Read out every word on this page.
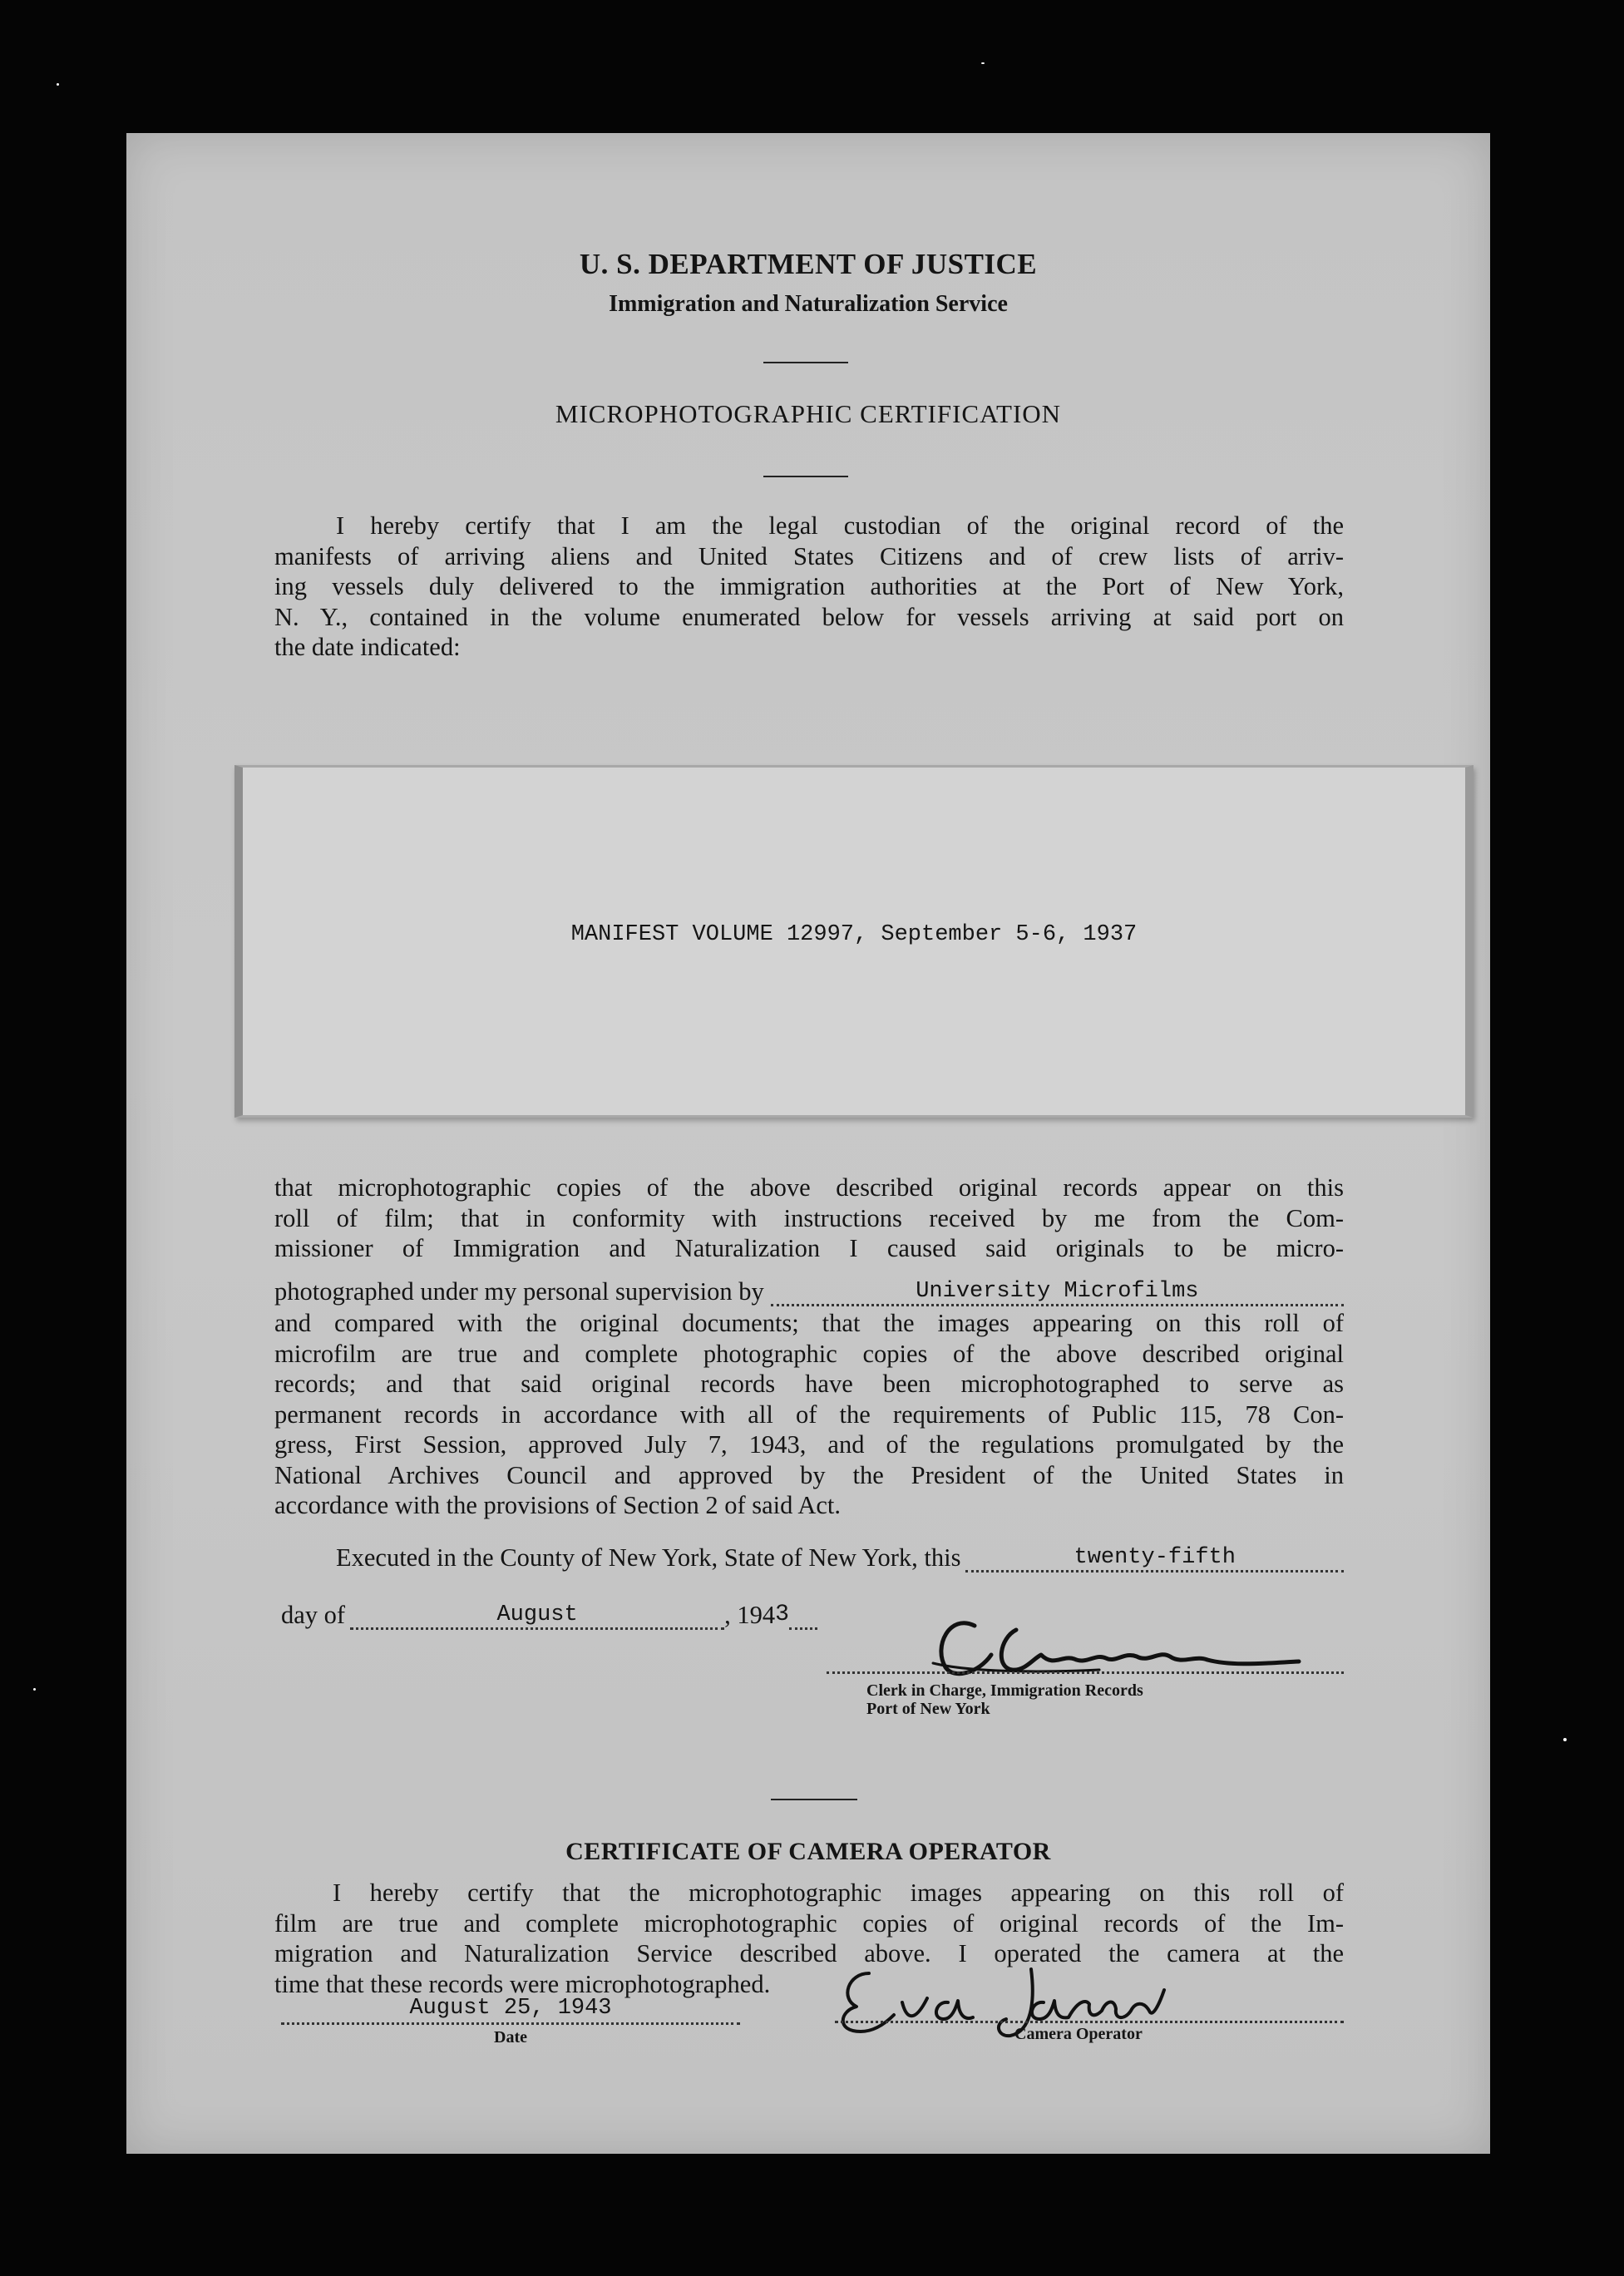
U. S. DEPARTMENT OF JUSTICE
Immigration and Naturalization Service
MICROPHOTOGRAPHIC CERTIFICATION

I hereby certify that I am the legal custodian of the original record of the
manifests of arriving aliens and United States Citizens and of crew lists of arriv-
ing vessels duly delivered to the immigration authorities at the Port of New York,
N. Y., contained in the volume enumerated below for vessels arriving at said port on
the date indicated:

MANIFEST VOLUME 12997, September 5-6, 1937

that microphotographic copies of the above described original records appear on this
roll of film; that in conformity with instructions received by me from the Com-
missioner of Immigration and Naturalization I caused said originals to be micro-

photographed under my personal supervision by	University Microfilms

and compared with the original documents; that the images appearing on this roll of
microfilm are true and complete photographic copies of the above described original
records; and that said original records have been microphotographed to serve as
permanent records in accordance with all of the requirements of Public 115, 78 Con-
gress, First Session, approved July 7, 1943, and of the regulations promulgated by the
National Archives Council and approved by the President of the United States in
accordance with the provisions of Section 2 of said Act.

Executed in the County of New York, State of New York, this	twenty-fifth
day of	August	, 194 3
Clerk in Charge, Immigration Records
Port of New York
CERTIFICATE OF CAMERA OPERATOR

I hereby certify that the microphotographic images appearing on this roll of
film are true and complete microphotographic copies of original records of the Im-
migration and Naturalization Service described above. I operated the camera at the
time that these records were microphotographed.

August 25, 1943
Date	Camera Operator
